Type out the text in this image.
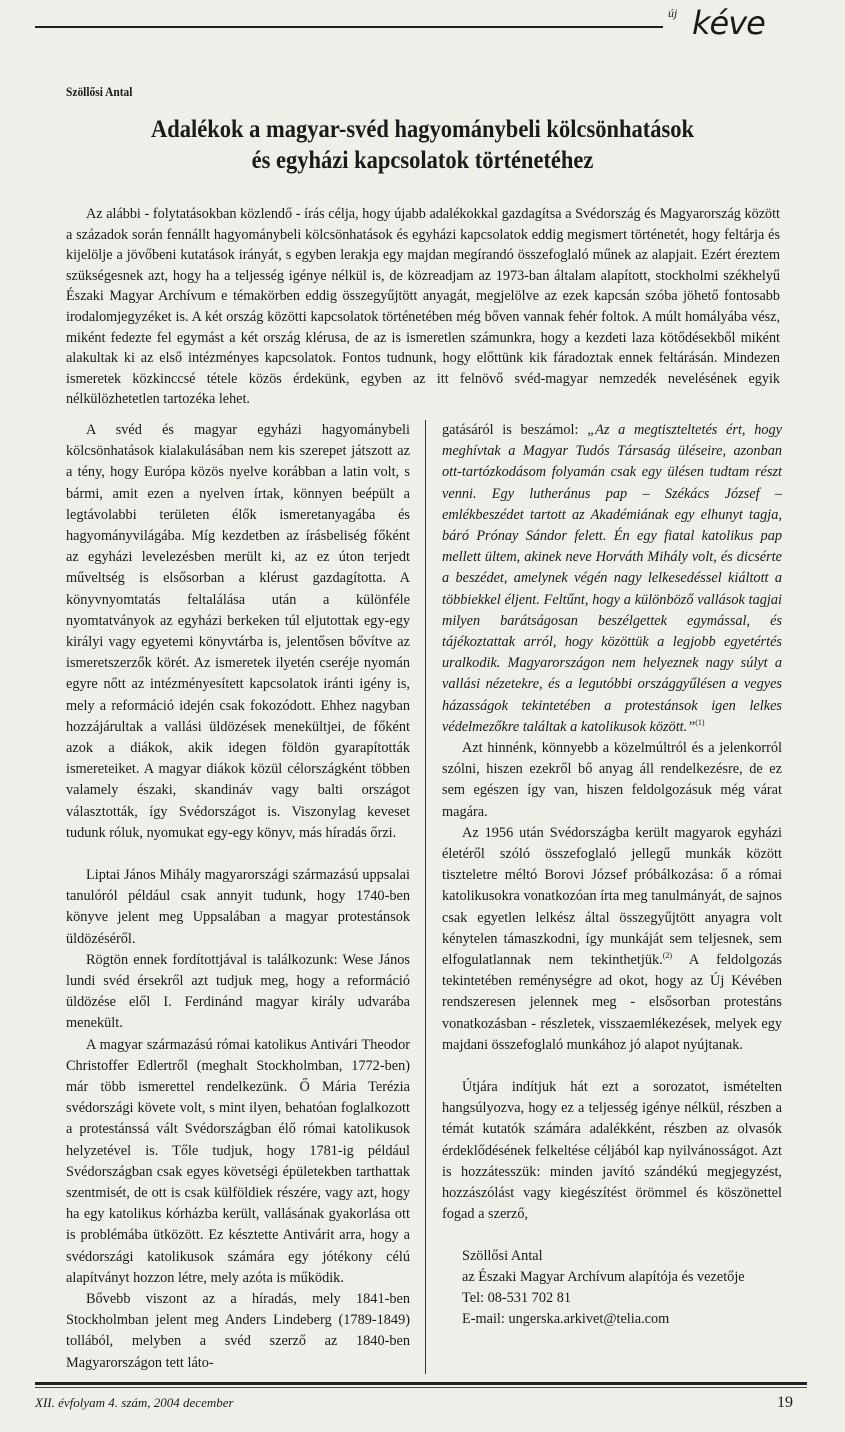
új kéve
Szöllősi Antal
Adalékok a magyar-svéd hagyománybeli kölcsönhatások
és egyházi kapcsolatok történetéhez
Az alábbi - folytatásokban közlendő - írás célja, hogy újabb adalékokkal gazdagítsa a Svédország és Magyarország között a századok során fennállt hagyománybeli kölcsönhatások és egyházi kapcsolatok eddig megismert történetét, hogy feltárja és kijelölje a jövőbeni kutatások irányát, s egyben lerakja egy majdan megírandó összefoglaló műnek az alapjait. Ezért éreztem szükségesnek azt, hogy ha a teljesség igénye nélkül is, de közreadjam az 1973-ban általam alapított, stockholmi székhelyű Északi Magyar Archívum e témakörben eddig összegyűjtött anyagát, megjelölve az ezek kapcsán szóba jöhető fontosabb irodalomjegyzéket is. A két ország közötti kapcsolatok történetében még bőven vannak fehér foltok. A múlt homályába vész, miként fedezte fel egymást a két ország klérusa, de az is ismeretlen számunkra, hogy a kezdeti laza kötődésekből miként alakultak ki az első intézményes kapcsolatok. Fontos tudnunk, hogy előttünk kik fáradoztak ennek feltárásán. Mindezen ismeretek közkinccsé tétele közös érdekünk, egyben az itt felnövő svéd-magyar nemzedék nevelésének egyik nélkülözhetetlen tartozéka lehet.

A svéd és magyar egyházi hagyománybeli kölcsönhatások kialakulásában nem kis szerepet játszott az a tény, hogy Európa közös nyelve korábban a latin volt, s bármi, amit ezen a nyelven írtak, könnyen beépült a legtávolabbi területen élők ismeretanyagába és hagyományvilágába. Míg kezdetben az írásbeliség főként az egyházi levelezésben merült ki, az ez úton terjedt műveltség is elsősorban a klérust gazdagította. A könyvnyomtatás feltalálása után a különféle nyomtatványok az egyházi berkeken túl eljutottak egy-egy királyi vagy egyetemi könyvtárba is, jelentősen bővítve az ismeretszerzők körét. Az ismeretek ilyetén cseréje nyomán egyre nőtt az intézményesített kapcsolatok iránti igény is, mely a reformáció idején csak fokozódott. Ehhez nagyban hozzájárultak a vallási üldözések menekültjei, de főként azok a diákok, akik idegen földön gyarapították ismereteiket. A magyar diákok közül célországként többen valamely északi, skandináv vagy balti országot választották, így Svédországot is. Viszonylag keveset tudunk róluk, nyomukat egy-egy könyv, más híradás őrzi.

Liptai János Mihály magyarországi származású uppsalai tanulóról például csak annyit tudunk, hogy 1740-ben könyve jelent meg Uppsalában a magyar protestánsok üldözéséről.

Rögtön ennek fordítottjával is találkozunk: Wese János lundi svéd érsekről azt tudjuk meg, hogy a reformáció üldözése elől I. Ferdinánd magyar király udvarába menekült.

A magyar származású római katolikus Antivári Theodor Christoffer Edlertről (meghalt Stockholmban, 1772-ben) már több ismerettel rendelkezünk. Ő Mária Terézia svédországi követe volt, s mint ilyen, behatóan foglalkozott a protestánssá vált Svédországban élő római katolikusok helyzetével is. Tőle tudjuk, hogy 1781-ig például Svédországban csak egyes követségi épületekben tarthattak szentmisét, de ott is csak külföldiek részére, vagy azt, hogy ha egy katolikus kórházba került, vallásának gyakorlása ott is problémába ütközött. Ez késztette Antivárit arra, hogy a svédországi katolikusok számára egy jótékony célú alapítványt hozzon létre, mely azóta is működik.

Bővebb viszont az a híradás, mely 1841-ben Stockholmban jelent meg Anders Lindeberg (1789-1849) tollából, melyben a svéd szerző az 1840-ben Magyarországon tett láto-

gatásáról is beszámol: „Az a megtiszteltetés ért, hogy meghívtak a Magyar Tudós Társaság üléseire, azonban ott-tartózkodásom folyamán csak egy ülésen tudtam részt venni. Egy lutheránus pap – Székács József – emlékbeszédet tartott az Akadémiának egy elhunyt tagja, báró Prónay Sándor felett. Én egy fiatal katolikus pap mellett ültem, akinek neve Horváth Mihály volt, és dicsérte a beszédet, amelynek végén nagy lelkesedéssel kiáltott a többiekkel éljent. Feltűnt, hogy a különböző vallások tagjai milyen barátságosan beszélgettek egymással, és tájékoztattak arról, hogy közöttük a legjobb egyetértés uralkodik. Magyarországon nem helyeznek nagy súlyt a vallási nézetekre, és a legutóbbi országgyűlésen a vegyes házasságok tekintetében a protestánsok igen lelkes védelmezőkre találtak a katolikusok között.”$^{(1)}$

Azt hinnénk, könnyebb a közelmúltról és a jelenkorról szólni, hiszen ezekről bő anyag áll rendelkezésre, de ez sem egészen így van, hiszen feldolgozásuk még várat magára.

Az 1956 után Svédországba került magyarok egyházi életéről szóló összefoglaló jellegű munkák között tiszteletre méltó Borovi József próbálkozása: ő a római katolikusokra vonatkozóan írta meg tanulmányát, de sajnos csak egyetlen lelkész által összegyűjtött anyagra volt kénytelen támaszkodni, így munkáját sem teljesnek, sem elfogulatlannak nem tekinthetjük.$^{(2)}$ A feldolgozás tekintetében reménységre ad okot, hogy az Új Kévében rendszeresen jelennek meg - elsősorban protestáns vonatkozásban - részletek, visszaemlékezések, melyek egy majdani összefoglaló munkához jó alapot nyújtanak.

Útjára indítjuk hát ezt a sorozatot, ismételten hangsúlyozva, hogy ez a teljesség igénye nélkül, részben a témát kutatók számára adalékként, részben az olvasók érdeklődésének felkeltése céljából kap nyilvánosságot. Azt is hozzátesszük: minden javító szándékú megjegyzést, hozzászólást vagy kiegészítést örömmel és köszönettel fogad a szerző,

Szöllősi Antal
az Északi Magyar Archívum alapítója és vezetője
Tel: 08-531 702 81
E-mail: ungerska.arkivet@telia.com
XII. évfolyam 4. szám, 2004 december	19
